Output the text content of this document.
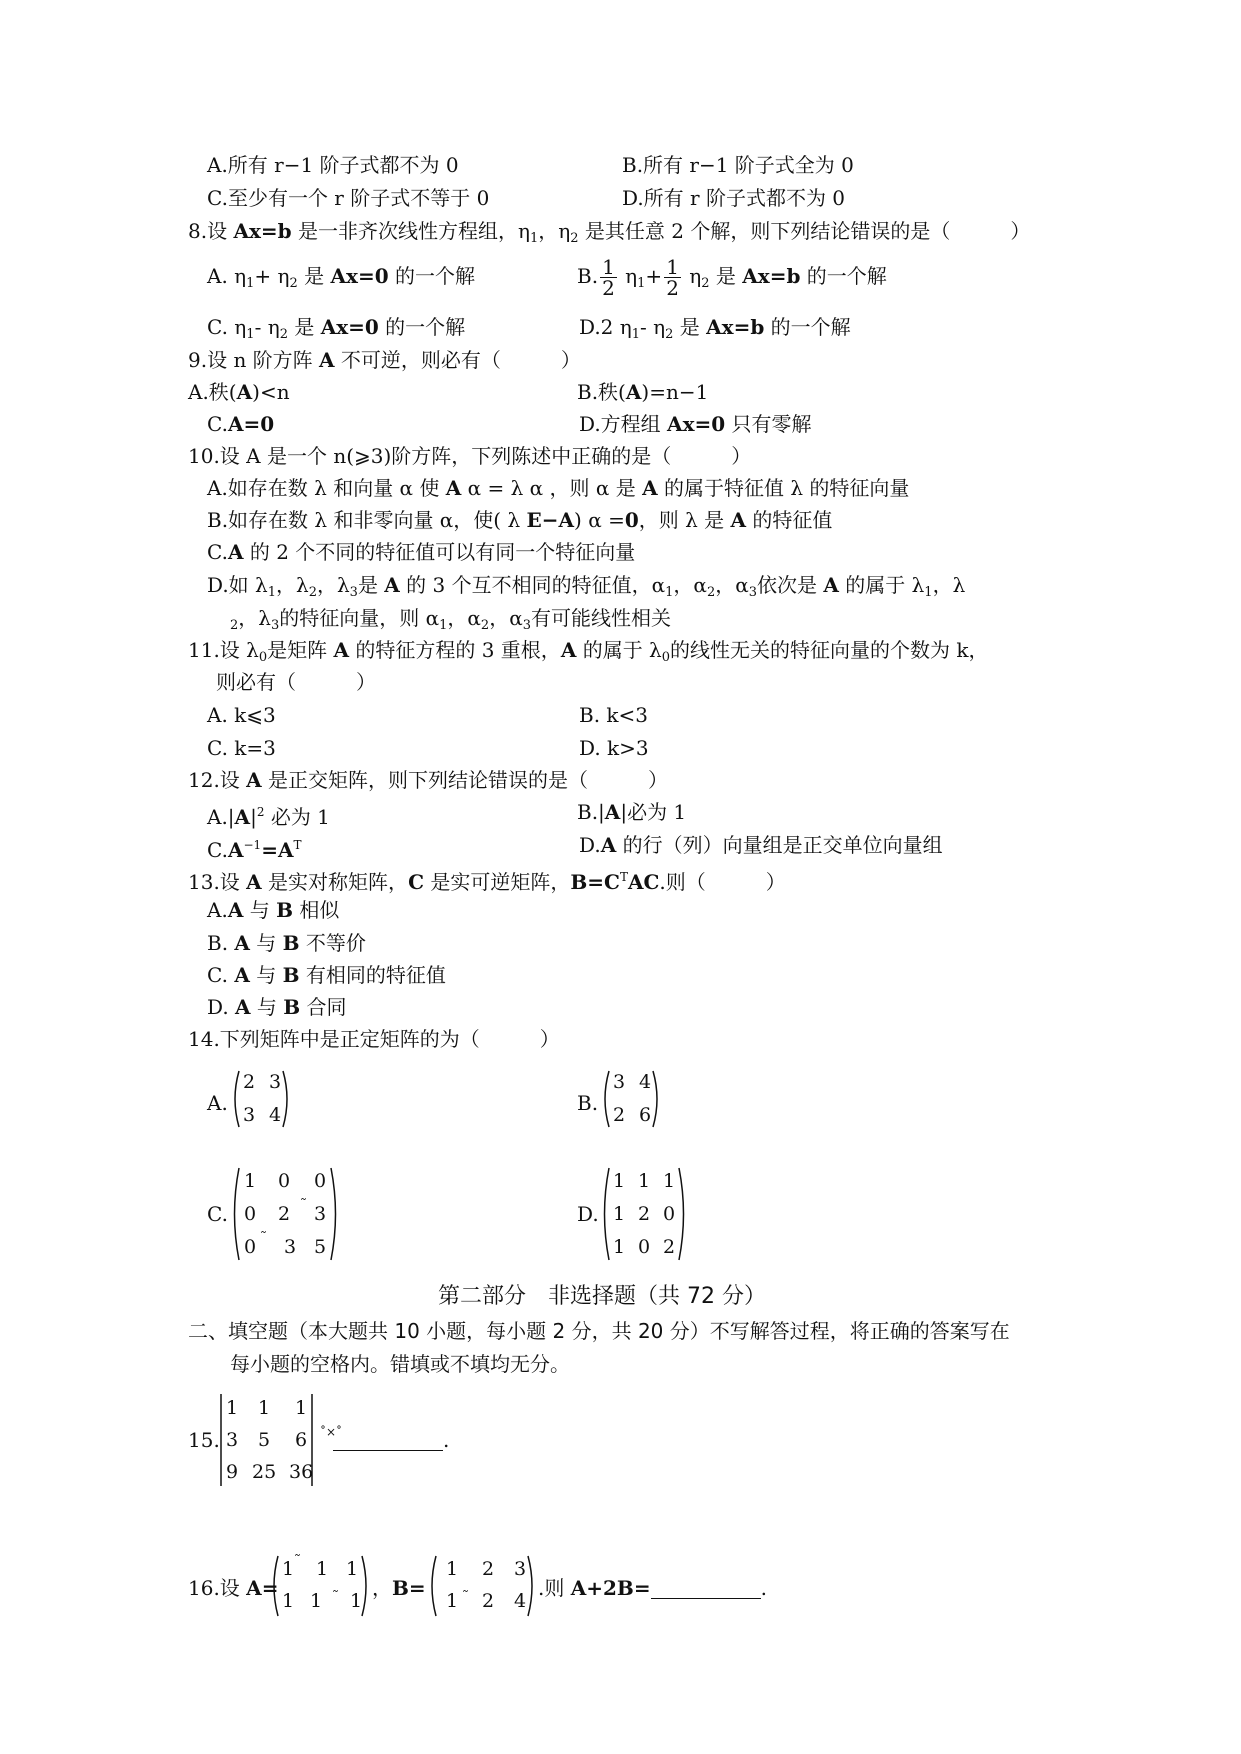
A.所有 r−1 阶子式都不为 0	B.所有 r−1 阶子式全为 0
C.至少有一个 r 阶子式不等于 0	D.所有 r 阶子式都不为 0
8.设 Ax=b 是一非齐次线性方程组，$\eta_1$，$\eta_2$ 是其任意 2 个解，则下列结论错误的是（　　　）
A. $\eta_1+ \eta_2$ 是 Ax=0 的一个解	B. $\frac{1}{2} \eta_1+ \frac{1}{2} \eta_2$ 是 Ax=b 的一个解
C. $\eta_1-$ $\eta_2$ 是 Ax=0 的一个解	D.2 $\eta_1-$ $\eta_2$ 是 Ax=b 的一个解
9.设 n 阶方阵 A 不可逆，则必有（　　　）
A.秩(A)<n	B.秩(A)=n−1
C.A=0	D.方程组 Ax=0 只有零解
10.设 A 是一个 n(⩾3)阶方阵，下列陈述中正确的是（　　　）
A.如存在数 λ 和向量 α 使 A α = λ α ，则 α 是 A 的属于特征值 λ 的特征向量
B.如存在数 λ 和非零向量 α，使( λ E−A) α =0，则 λ 是 A 的特征值
C.A 的 2 个不同的特征值可以有同一个特征向量
D.如 $\lambda_1$，$\lambda_2$，$\lambda_3$是 A 的 3 个互不相同的特征值，$\alpha_1$，$\alpha_2$，$\alpha_3$依次是 A 的属于 $\lambda_1$，λ
$_2$，$\lambda_3$的特征向量，则 $\alpha_1$，$\alpha_2$，$\alpha_3$有可能线性相关
11.设 $\lambda_0$是矩阵 A 的特征方程的 3 重根，A 的属于 $\lambda_0$的线性无关的特征向量的个数为 k，
则必有（　　　）
A. k⩽3	B. k<3
C. k=3	D. k>3
12.设 A 是正交矩阵，则下列结论错误的是（　　　）
$A.|A|^2$ 必为 1	B.|A|必为 1
$C.A^{-1}=A^T$	D.A 的行（列）向量组是正交单位向量组
13.设 A 是实对称矩阵，C 是实可逆矩阵，$B=C^TAC$.则（　　　）
A.A 与 B 相似
B. A 与 B 不等价
C. A 与 B 有相同的特征值
D. A 与 B 合同
14.下列矩阵中是正定矩阵的为（　　　）
A.
2 3
3 4	B.
3 4
2 6
C.
1 0 0
0 2 ˜ 3
0 ˜ 3 5
D.
1 1 1
1 2 0
1 0 2
第二部分　非选择题（共 72 分）
二、填空题（本大题共 10 小题，每小题 2 分，共 20 分）不写解答过程，将正确的答案写在
每小题的空格内。错填或不填均无分。
15.
1 1 1
3 5 6
9 25 36
˚×˚	.
16.设 A=
1 ˜ 1 1
1 1 ˜ 1
，B=
1 2 3
1 ˜ 2 4
.则 A+2B=	.
